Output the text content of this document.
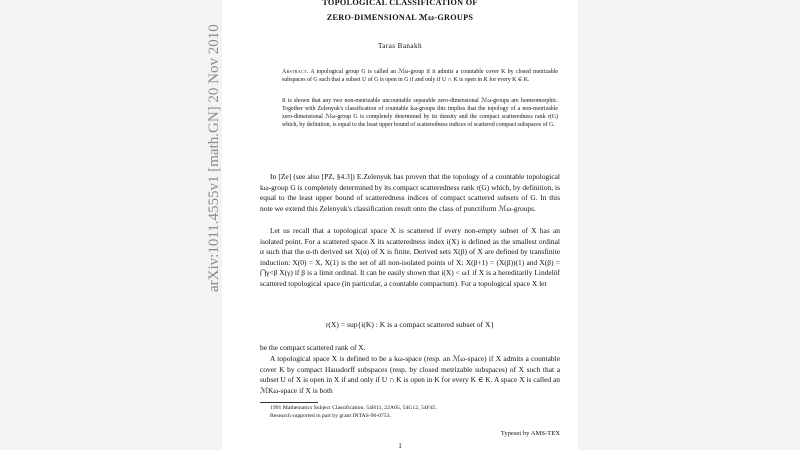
arXiv:1011.4555v1 [math.GN] 20 Nov 2010
TOPOLOGICAL CLASSIFICATION OF
ZERO-DIMENSIONAL ℳω-GROUPS
Taras Banakh
Abstract. A topological group G is called an ℳω-group if it admits a countable cover K by closed metrizable subspaces of G such that a subset U of G is open in G if and only if U ∩ K is open in K for every K ∈ K.
It is shown that any two non-metrizable uncountable separable zero-dimensional ℳω-groups are homeomorphic. Together with Zelenyuk's classification of countable kω-groups this implies that the topology of a non-metrizable zero-dimensional ℳω-group G is completely determined by its density and the compact scatteredness rank r(G) which, by definition, is equal to the least upper bound of scatteredness indices of scattered compact subspaces of G.
In [Ze] (see also [PZ, §4.3]) E.Zelenyuk has proven that the topology of a countable topological kω-group G is completely determined by its compact scatteredness rank r(G) which, by definition, is equal to the least upper bound of scatteredness indices of compact scattered subsets of G. In this note we extend this Zelenyuk's classification result onto the class of punctiform ℳω-groups.
Let us recall that a topological space X is scattered if every non-empty subset of X has an isolated point. For a scattered space X its scatteredness index i(X) is defined as the smallest ordinal α such that the α-th derived set X(α) of X is finite. Derived sets X(β) of X are defined by transfinite induction: X(0) = X, X(1) is the set of all non-isolated points of X; X(β+1) = (X(β))(1) and X(β) = ⋂γ<β X(γ) if β is a limit ordinal. It can be easily shown that i(X) < ω1 if X is a hereditarily Lindelöf scattered topological space (in particular, a countable compactum). For a topological space X let
r(X) = sup{i(K) : K is a compact scattered subset of X}
be the compact scattered rank of X.
A topological space X is defined to be a kω-space (resp. an ℳω-space) if X admits a countable cover K by compact Hausdorff subspaces (resp. by closed metrizable subspaces) of X such that a subset U of X is open in X if and only if U ∩ K is open in K for every K ∈ K. A space X is called an ℳKω-space if X is both
1991 Mathematics Subject Classification. 54H11, 22A05, 54G12, 54F45.
Research supported in part by grant INTAS-96-0753.
Typeset by AMS-TEX
1
